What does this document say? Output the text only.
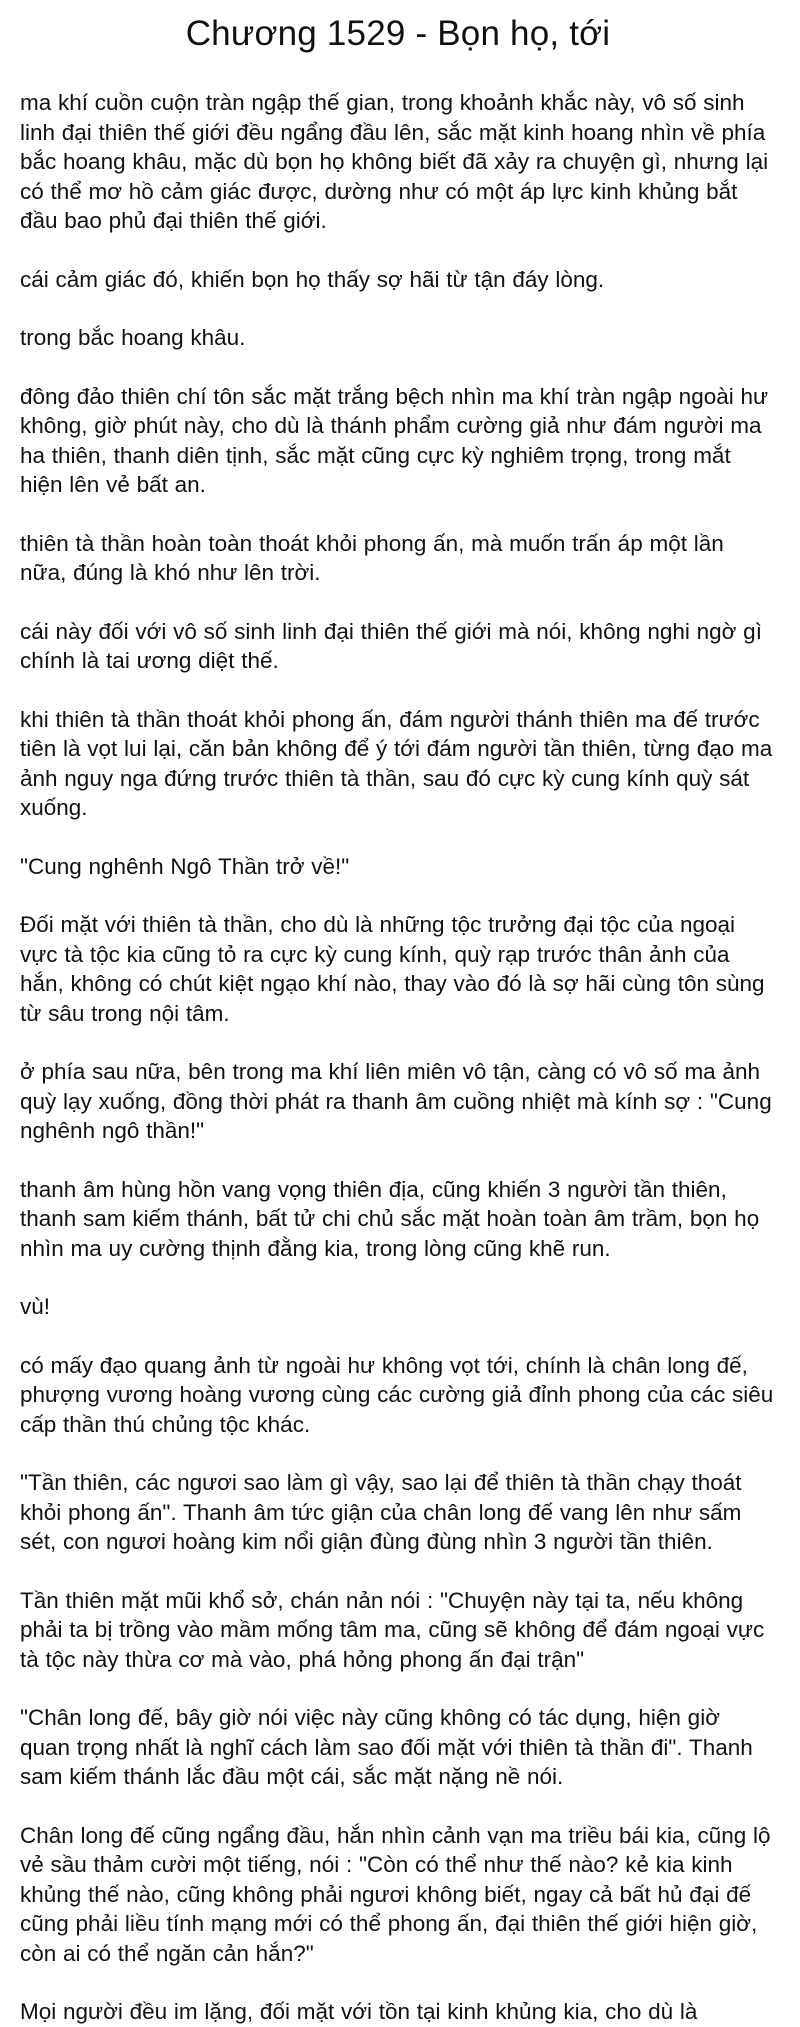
Chương 1529 - Bọn họ, tới

ma khí cuồn cuộn tràn ngập thế gian, trong khoảnh khắc này, vô số sinh linh đại thiên thế giới đều ngẩng đầu lên, sắc mặt kinh hoang nhìn về phía bắc hoang khâu, mặc dù bọn họ không biết đã xảy ra chuyện gì, nhưng lại có thể mơ hồ cảm giác được, dường như có một áp lực kinh khủng bắt đầu bao phủ đại thiên thế giới.

cái cảm giác đó, khiến bọn họ thấy sợ hãi từ tận đáy lòng.

trong bắc hoang khâu.

đông đảo thiên chí tôn sắc mặt trắng bệch nhìn ma khí tràn ngập ngoài hư không, giờ phút này, cho dù là thánh phẩm cường giả như đám người ma ha thiên, thanh diên tịnh, sắc mặt cũng cực kỳ nghiêm trọng, trong mắt hiện lên vẻ bất an.

thiên tà thần hoàn toàn thoát khỏi phong ấn, mà muốn trấn áp một lần nữa, đúng là khó như lên trời.

cái này đối với vô số sinh linh đại thiên thế giới mà nói, không nghi ngờ gì chính là tai ương diệt thế.

khi thiên tà thần thoát khỏi phong ấn, đám người thánh thiên ma đế trước tiên là vọt lui lại, căn bản không để ý tới đám người tần thiên, từng đạo ma ảnh nguy nga đứng trước thiên tà thần, sau đó cực kỳ cung kính quỳ sát xuống.

"Cung nghênh Ngô Thần trở về!"

Đối mặt với thiên tà thần, cho dù là những tộc trưởng đại tộc của ngoại vực tà tộc kia cũng tỏ ra cực kỳ cung kính, quỳ rạp trước thân ảnh của hắn, không có chút kiệt ngạo khí nào, thay vào đó là sợ hãi cùng tôn sùng từ sâu trong nội tâm.

ở phía sau nữa, bên trong ma khí liên miên vô tận, càng có vô số ma ảnh quỳ lạy xuống, đồng thời phát ra thanh âm cuồng nhiệt mà kính sợ : "Cung nghênh ngô thần!"

thanh âm hùng hồn vang vọng thiên địa, cũng khiến 3 người tần thiên, thanh sam kiếm thánh, bất tử chi chủ sắc mặt hoàn toàn âm trầm, bọn họ nhìn ma uy cường thịnh đằng kia, trong lòng cũng khẽ run.

vù!

có mấy đạo quang ảnh từ ngoài hư không vọt tới, chính là chân long đế, phượng vương hoàng vương cùng các cường giả đỉnh phong của các siêu cấp thần thú chủng tộc khác.

"Tần thiên, các ngươi sao làm gì vậy, sao lại để thiên tà thần chạy thoát khỏi phong ấn". Thanh âm tức giận của chân long đế vang lên như sấm sét, con ngươi hoàng kim nổi giận đùng đùng nhìn 3 người tần thiên.

Tần thiên mặt mũi khổ sở, chán nản nói : "Chuyện này tại ta, nếu không phải ta bị trồng vào mầm mống tâm ma, cũng sẽ không để đám ngoại vực tà tộc này thừa cơ mà vào, phá hỏng phong ấn đại trận"

"Chân long đế, bây giờ nói việc này cũng không có tác dụng, hiện giờ quan trọng nhất là nghĩ cách làm sao đối mặt với thiên tà thần đi". Thanh sam kiếm thánh lắc đầu một cái, sắc mặt nặng nề nói.

Chân long đế cũng ngẩng đầu, hắn nhìn cảnh vạn ma triều bái kia, cũng lộ vẻ sầu thảm cười một tiếng, nói : "Còn có thể như thế nào? kẻ kia kinh khủng thế nào, cũng không phải ngươi không biết, ngay cả bất hủ đại đế cũng phải liều tính mạng mới có thể phong ấn, đại thiên thế giới hiện giờ, còn ai có thể ngăn cản hắn?"

Mọi người đều im lặng, đối mặt với tồn tại kinh khủng kia, cho dù là
